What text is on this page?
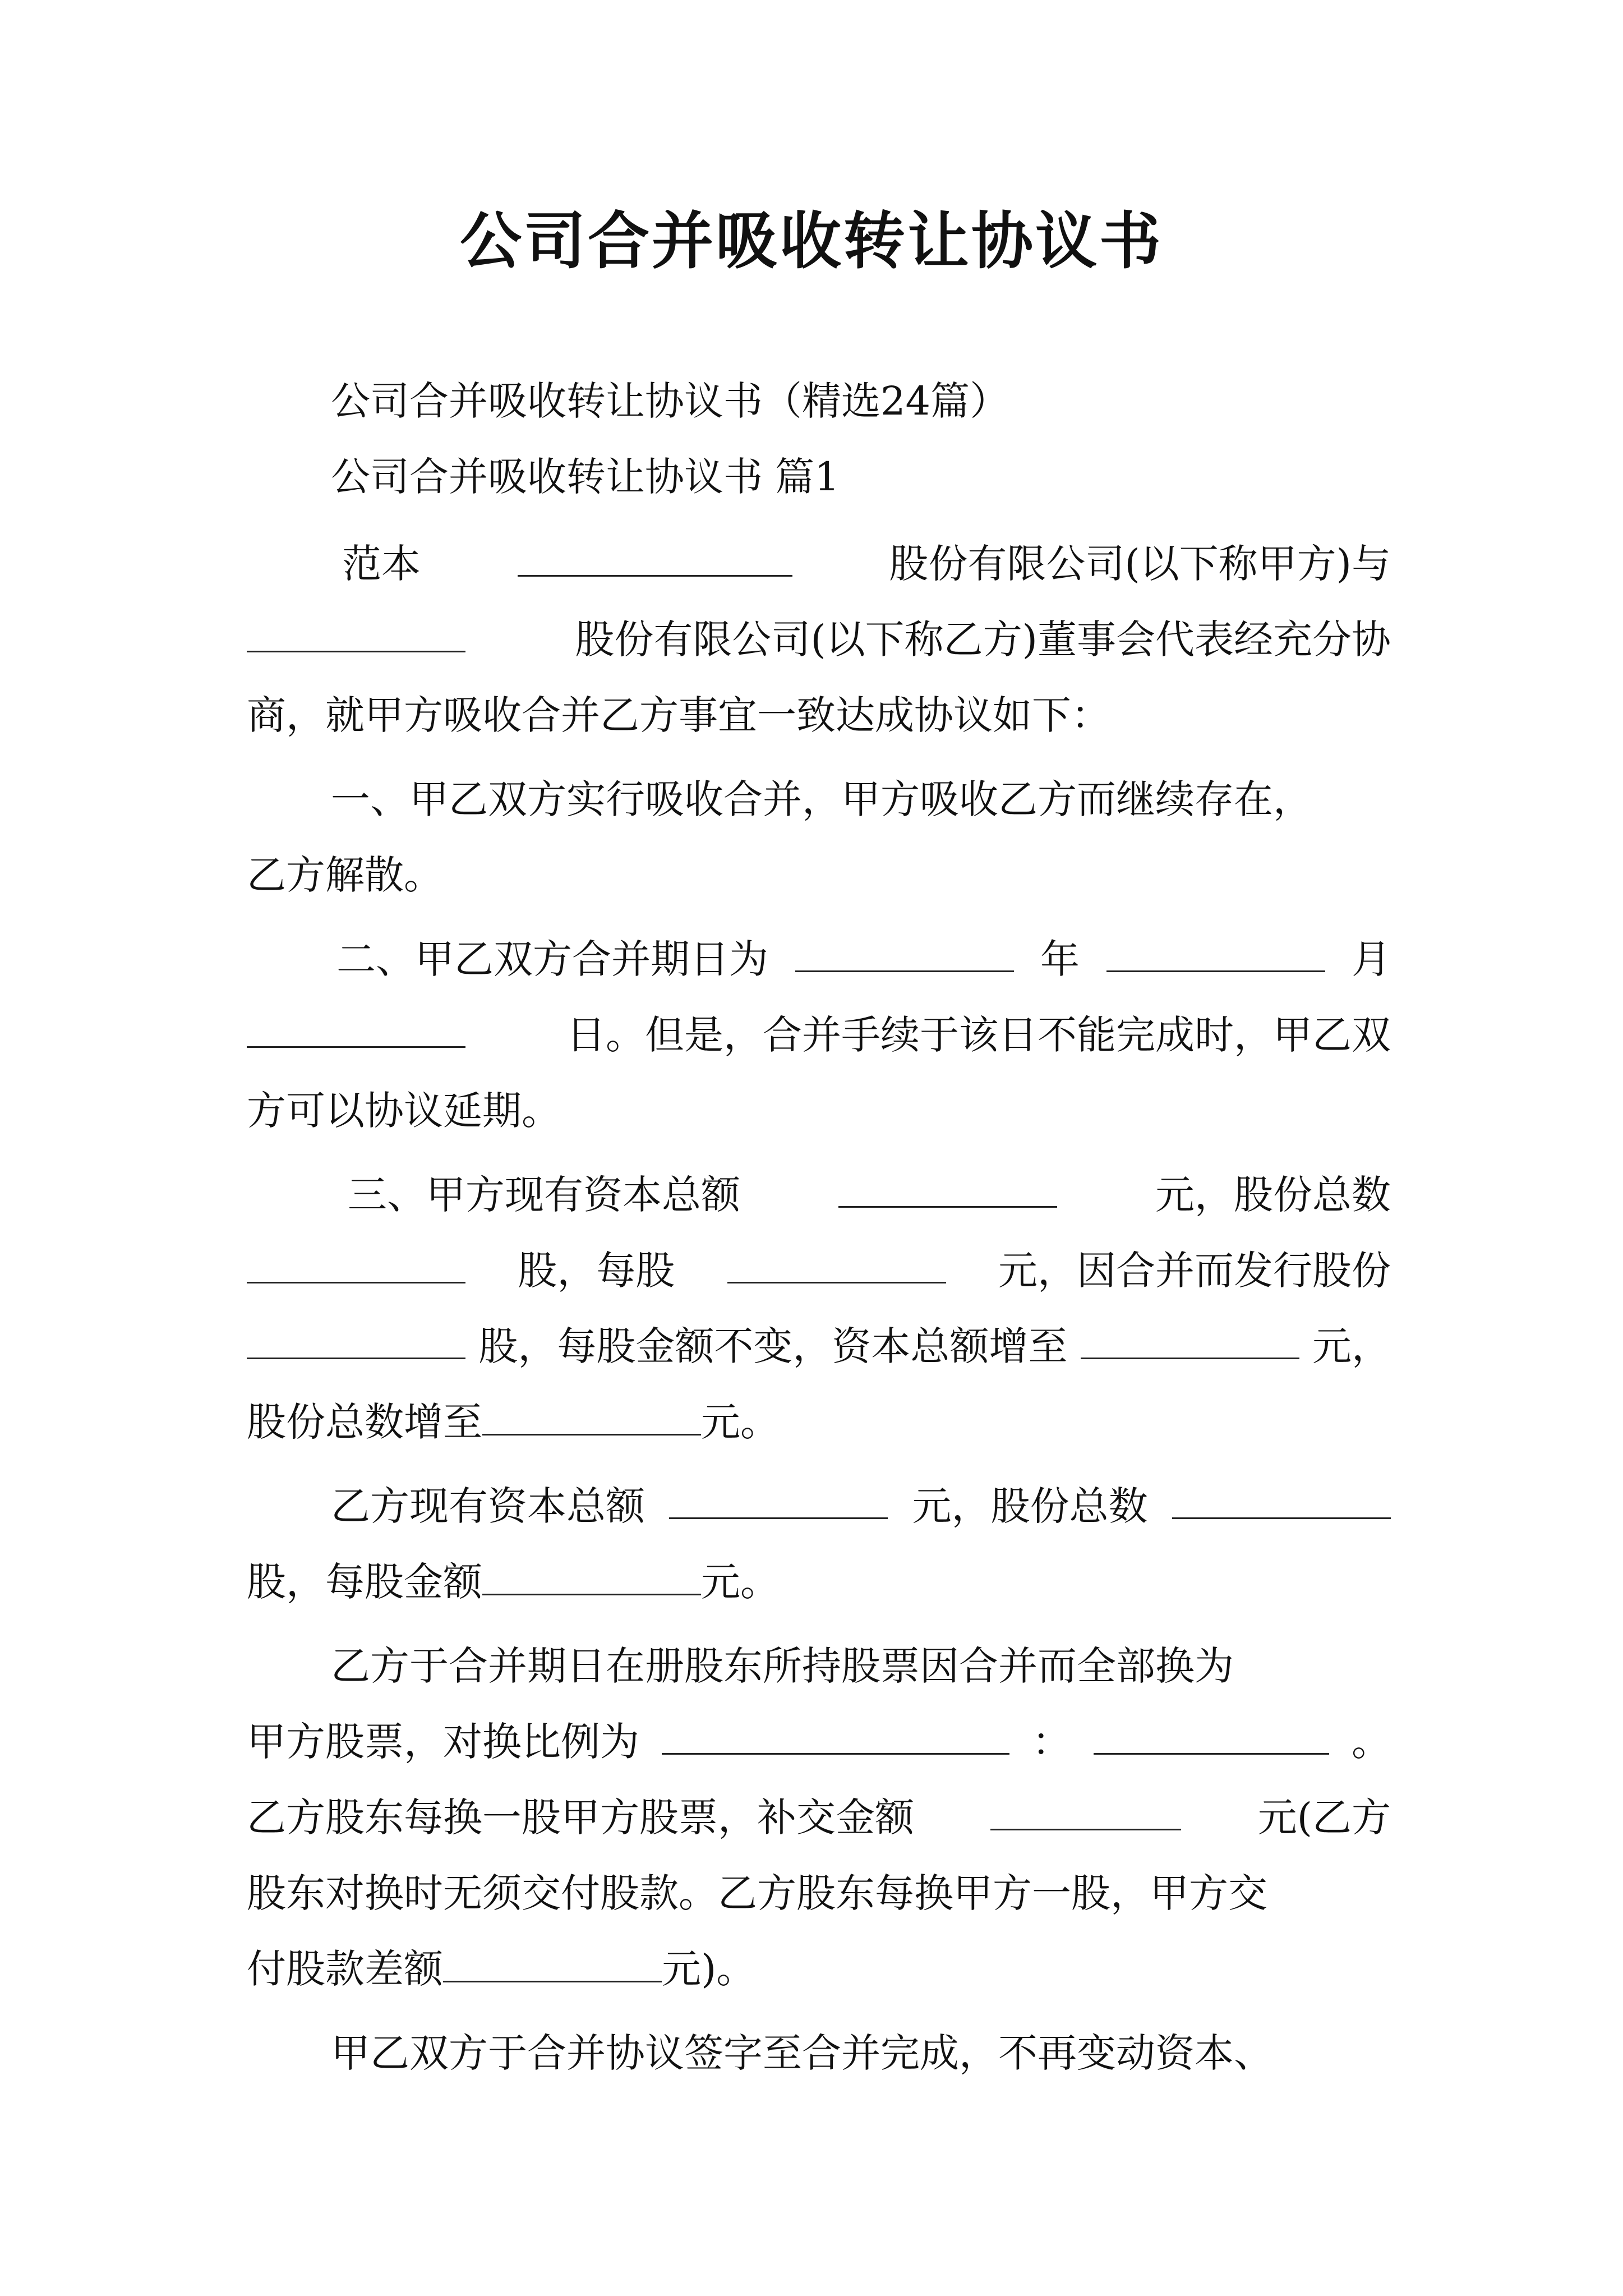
公司合并吸收转让协议书
公司合并吸收转让协议书（精选24篇）
公司合并吸收转让协议书 篇1
范本	股份有限公司(以下称甲方)与
股份有限公司(以下称乙方)董事会代表经充分协
商，就甲方吸收合并乙方事宜一致达成协议如下：
一、甲乙双方实行吸收合并，甲方吸收乙方而继续存在，
乙方解散。
二、甲乙双方合并期日为	年	月
日。但是，合并手续于该日不能完成时，甲乙双
方可以协议延期。
三、甲方现有资本总额	元，股份总数
股，每股	元，因合并而发行股份
股，每股金额不变，资本总额增至	元，
股份总数增至	元。
乙方现有资本总额	元，股份总数
股，每股金额	元。
乙方于合并期日在册股东所持股票因合并而全部换为
甲方股票，对换比例为	：	。
乙方股东每换一股甲方股票，补交金额	元(乙方
股东对换时无须交付股款。乙方股东每换甲方一股，甲方交
付股款差额	元)。
甲乙双方于合并协议签字至合并完成，不再变动资本、
